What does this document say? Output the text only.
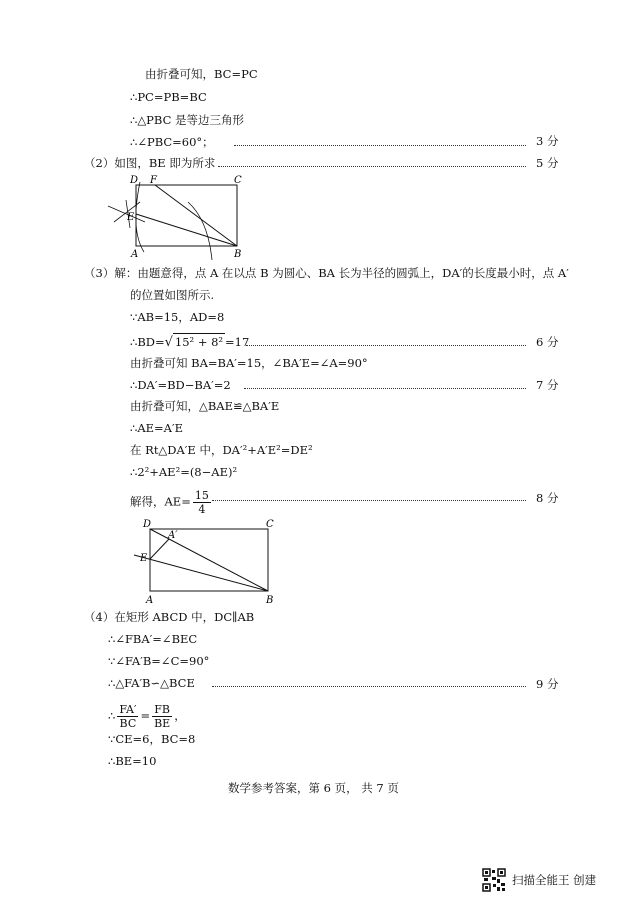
由折叠可知，BC=PC
∴PC=PB=BC
∴△PBC 是等边三角形
∴∠PBC=60°；	3 分
（2）如图，BE 即为所求	5 分
D F	C
E
A	B
（3）解：由题意得，点 A 在以点 B 为圆心、BA 长为半径的圆弧上，DA′的长度最小时，点 A′
的位置如图所示.
∵AB=15，AD=8
∴BD=√ 15² + 8² =17	6 分
由折叠可知 BA=BA′=15，∠BA′E=∠A=90°
∴DA′=BD−BA′=2	7 分
由折叠可知，△BAE≌△BA′E
∴AE=A′E
在 Rt△DA′E 中，DA′²+A′E²=DE²
∴2²+AE²=(8−AE)²
解得，$AE= \frac{15}{4}$	8 分
D
A′
C
E
A	B
（4）在矩形 ABCD 中，DC∥AB
∴∠FBA′=∠BEC
∵∠FA′B=∠C=90°
∴△FA′B∽△BCE	9 分
∴ $\frac{FA'}{BC} = \frac{FB}{BE}$ ，
∵CE=6，BC=8
∴BE=10
数学参考答案，第 6 页， 共 7 页
扫描全能王 创建
